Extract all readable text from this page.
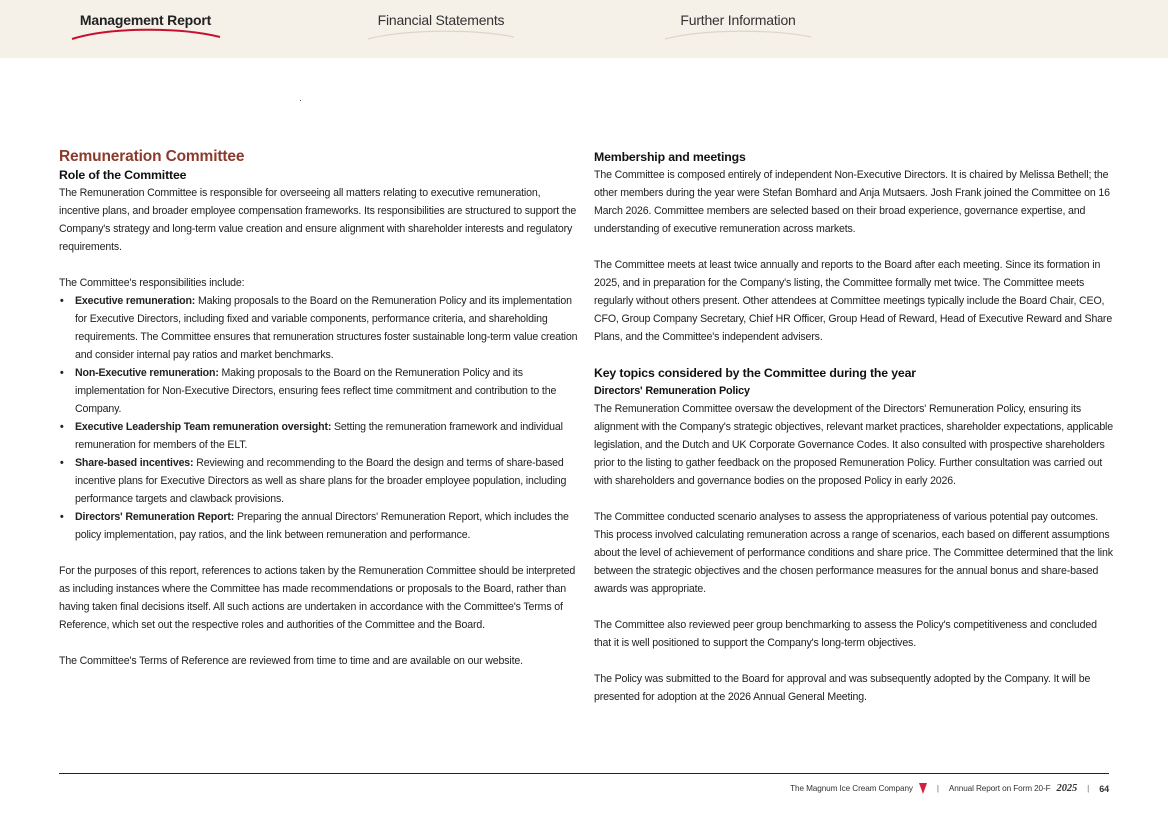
Management Report	Financial Statements	Further Information

Remuneration Committee

Role of the Committee

The Remuneration Committee is responsible for overseeing all matters relating to executive remuneration, incentive plans, and broader employee compensation frameworks. Its responsibilities are structured to support the Company's strategy and long-term value creation and ensure alignment with shareholder interests and regulatory requirements.

The Committee's responsibilities include:

• Executive remuneration: Making proposals to the Board on the Remuneration Policy and its implementation for Executive Directors, including fixed and variable components, performance criteria, and shareholding requirements. The Committee ensures that remuneration structures foster sustainable long-term value creation and consider internal pay ratios and market benchmarks.
• Non-Executive remuneration: Making proposals to the Board on the Remuneration Policy and its implementation for Non-Executive Directors, ensuring fees reflect time commitment and contribution to the Company.
• Executive Leadership Team remuneration oversight: Setting the remuneration framework and individual remuneration for members of the ELT.
• Share-based incentives: Reviewing and recommending to the Board the design and terms of share-based incentive plans for Executive Directors as well as share plans for the broader employee population, including performance targets and clawback provisions.
• Directors' Remuneration Report: Preparing the annual Directors' Remuneration Report, which includes the policy implementation, pay ratios, and the link between remuneration and performance.

For the purposes of this report, references to actions taken by the Remuneration Committee should be interpreted as including instances where the Committee has made recommendations or proposals to the Board, rather than having taken final decisions itself. All such actions are undertaken in accordance with the Committee's Terms of Reference, which set out the respective roles and authorities of the Committee and the Board.

The Committee's Terms of Reference are reviewed from time to time and are available on our website.

Membership and meetings

The Committee is composed entirely of independent Non-Executive Directors. It is chaired by Melissa Bethell; the other members during the year were Stefan Bomhard and Anja Mutsaers. Josh Frank joined the Committee on 16 March 2026. Committee members are selected based on their broad experience, governance expertise, and understanding of executive remuneration across markets.

The Committee meets at least twice annually and reports to the Board after each meeting. Since its formation in 2025, and in preparation for the Company's listing, the Committee formally met twice. The Committee meets regularly without others present. Other attendees at Committee meetings typically include the Board Chair, CEO, CFO, Group Company Secretary, Chief HR Officer, Group Head of Reward, Head of Executive Reward and Share Plans, and the Committee's independent advisers.

Key topics considered by the Committee during the year

Directors' Remuneration Policy

The Remuneration Committee oversaw the development of the Directors' Remuneration Policy, ensuring its alignment with the Company's strategic objectives, relevant market practices, shareholder expectations, applicable legislation, and the Dutch and UK Corporate Governance Codes. It also consulted with prospective shareholders prior to the listing to gather feedback on the proposed Remuneration Policy. Further consultation was carried out with shareholders and governance bodies on the proposed Policy in early 2026.

The Committee conducted scenario analyses to assess the appropriateness of various potential pay outcomes. This process involved calculating remuneration across a range of scenarios, each based on different assumptions about the level of achievement of performance conditions and share price. The Committee determined that the link between the strategic objectives and the chosen performance measures for the annual bonus and share-based awards was appropriate.

The Committee also reviewed peer group benchmarking to assess the Policy's competitiveness and concluded that it is well positioned to support the Company's long-term objectives.

The Policy was submitted to the Board for approval and was subsequently adopted by the Company. It will be presented for adoption at the 2026 Annual General Meeting.

The Magnum Ice Cream Company	|	Annual Report on Form 20-F 2025	|	64
